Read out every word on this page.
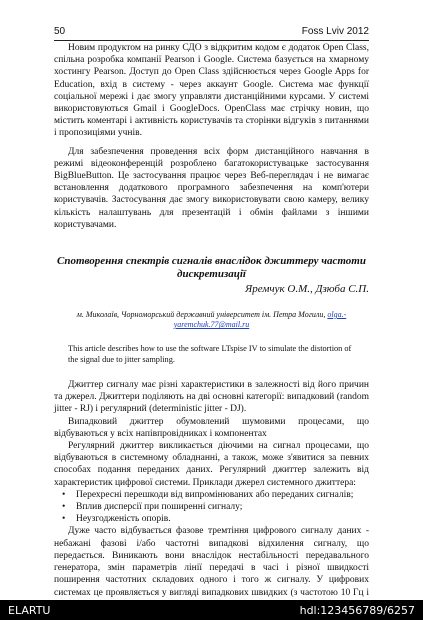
50	Foss Lviv 2012

Новим продуктом на ринку СДО з відкритим кодом є додаток Open Class, спільна розробка компанії Pearson і Google. Система базується на хмарному хостингу Pearson. Доступ до Open Class здійснюється через Google Apps for Education, вхід в систему - через аккаунт Google. Система має функції соціальної мережі і дає змогу управляти дистанційними курсами. У системі використовуються Gmail і GoogleDocs. OpenClass має стрічку новин, що містить коментарі і активність користувачів та сторінки відгуків з питаннями і пропозиціями учнів.

Для забезпечення проведення всіх форм дистанційного навчання в режимі відеоконференцій розроблено багатокористувацьке застосування BigBlueButton. Це застосування працює через Веб-переглядач і не вимагає встановлення додаткового програмного забезпечення на комп'ютери користувачів. Застосування дає змогу використовувати свою камеру, велику кількість налаштувань для презентацій і обмін файлами з іншими користувачами.

Спотворення спектрів сигналів внаслідок джиттеру частоти дискретизації
Яремчук О.М., Дзюба С.П.
м. Миколаїв, Чорноморський державний університет ім. Петра Могили, olga.-yaremchuk.77@mail.ru
This article describes how to use the software LTspise IV to simulate the distortion of the signal due to jitter sampling.

Джиттер сигналу має різні характеристики в залежності від його причин та джерел. Джиттери поділяють на дві основні категорії: випадковий (random jitter - RJ) і регулярний (deterministic jitter - DJ).

Випадковий джиттер обумовлений шумовими процесами, що відбуваються у всіх напівпровідниках і компонентах

Регулярний джиттер викликається діючими на сигнал процесами, що відбуваються в системному обладнанні, а також, може з'явитися за певних способах подання переданих даних. Регулярний джиттер залежить від характеристик цифрової системи. Приклади джерел системного джиттера:

• Перехресні перешкоди від випромінюваних або переданих сигналів;
• Вплив дисперсії при поширенні сигналу;
• Неузгодженість опорів.

Дуже часто відбувається фазове тремтіння цифрового сигналу даних - небажані фазові і/або частотні випадкові відхилення сигналу, що передається. Виникають вони внаслідок нестабільності передавального генератора, змін параметрів лінії передачі в часі і різної швидкості поширення частотних складових одного і того ж сигналу. У цифрових системах це проявляється у вигляді випадкових швидких (з частотою 10 Гц і

ELARTU	hdl:123456789/6257
